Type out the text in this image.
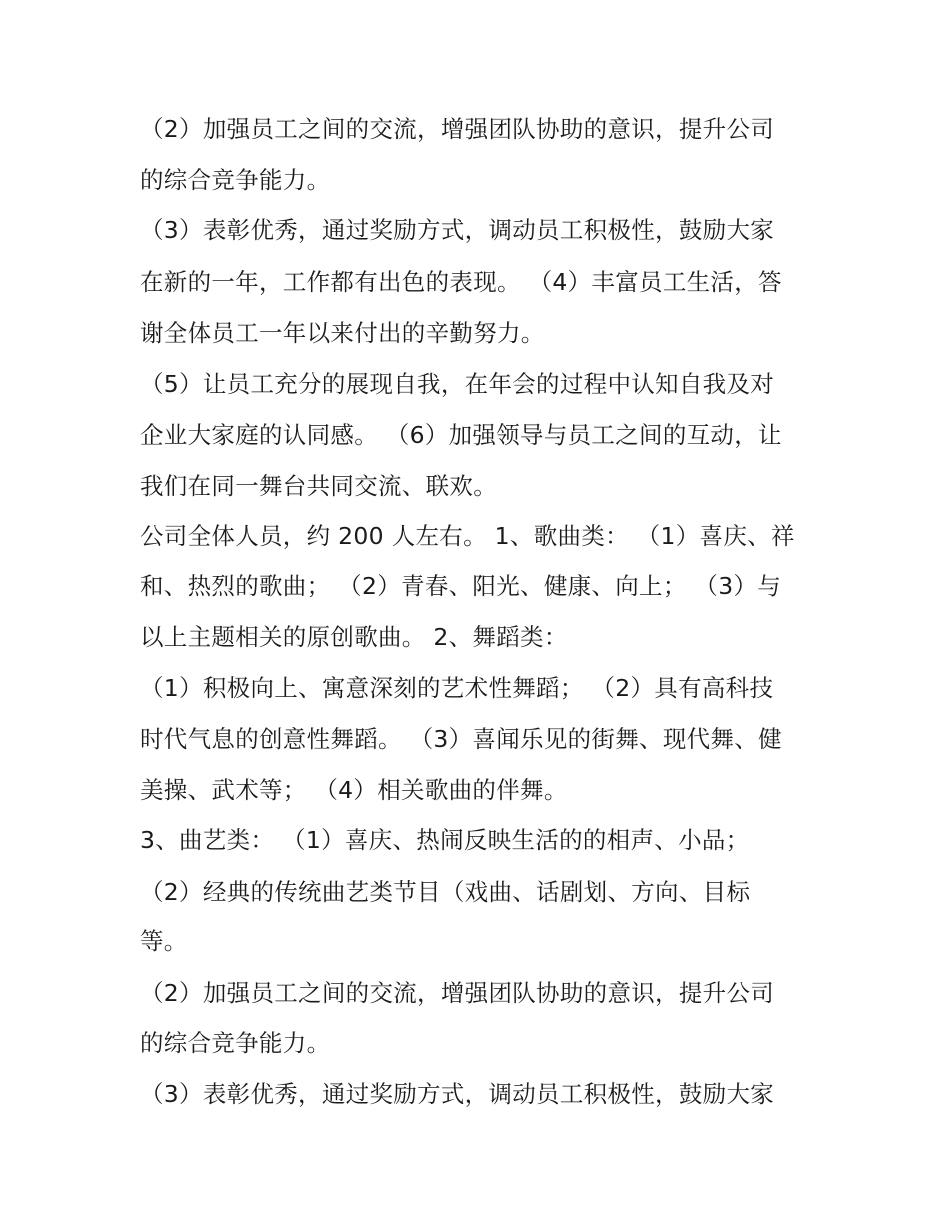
（2）加强员工之间的交流，增强团队协助的意识，提升公司
的综合竞争能力。
（3）表彰优秀，通过奖励方式，调动员工积极性，鼓励大家
在新的一年，工作都有出色的表现。 （4）丰富员工生活，答
谢全体员工一年以来付出的辛勤努力。
（5）让员工充分的展现自我，在年会的过程中认知自我及对
企业大家庭的认同感。 （6）加强领导与员工之间的互动，让
我们在同一舞台共同交流、联欢。
公司全体人员，约 200 人左右。 1、歌曲类： （1）喜庆、祥
和、热烈的歌曲； （2）青春、阳光、健康、向上； （3）与
以上主题相关的原创歌曲。 2、舞蹈类：
（1）积极向上、寓意深刻的艺术性舞蹈； （2）具有高科技
时代气息的创意性舞蹈。 （3）喜闻乐见的街舞、现代舞、健
美操、武术等； （4）相关歌曲的伴舞。
3、曲艺类： （1）喜庆、热闹反映生活的的相声、小品；
（2）经典的传统曲艺类节目（戏曲、话剧划、方向、目标
等。
（2）加强员工之间的交流，增强团队协助的意识，提升公司
的综合竞争能力。
（3）表彰优秀，通过奖励方式，调动员工积极性，鼓励大家
